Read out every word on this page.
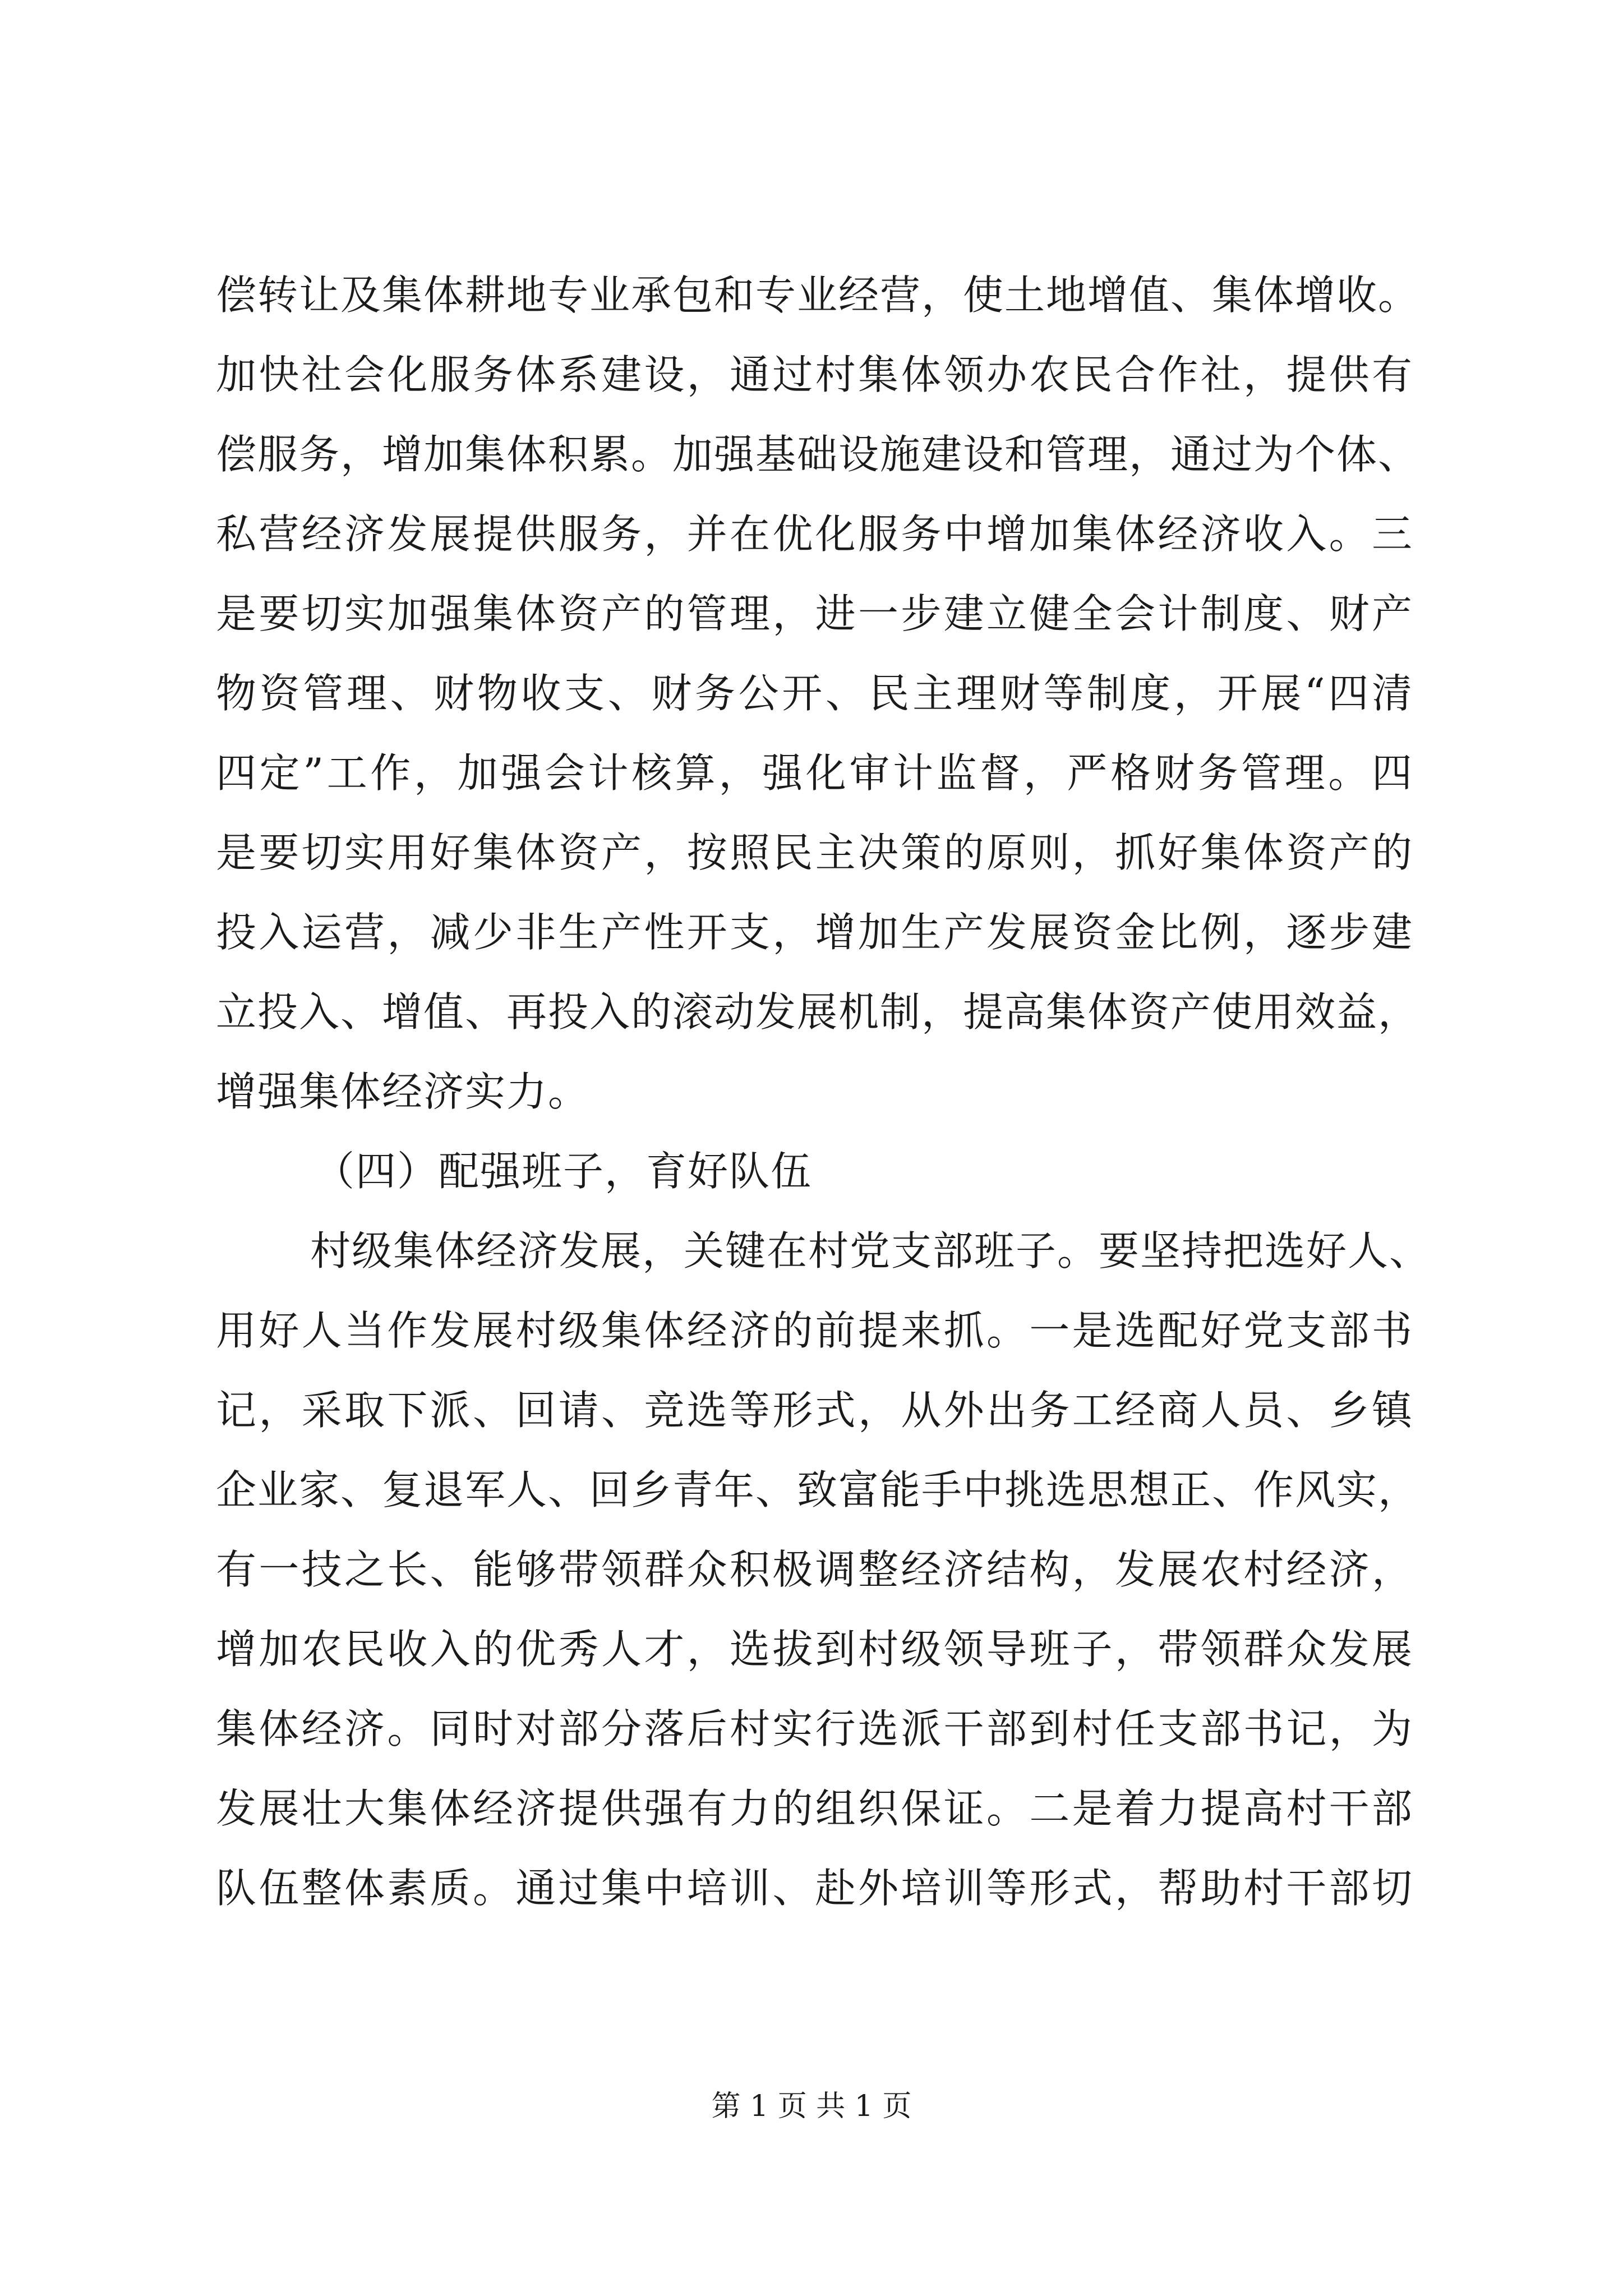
偿转让及集体耕地专业承包和专业经营，使土地增值、集体增收。
加快社会化服务体系建设，通过村集体领办农民合作社，提供有
偿服务，增加集体积累。加强基础设施建设和管理，通过为个体、
私营经济发展提供服务，并在优化服务中增加集体经济收入。三
是要切实加强集体资产的管理，进一步建立健全会计制度、财产
物资管理、财物收支、财务公开、民主理财等制度，开展“四清
四定”工作，加强会计核算，强化审计监督，严格财务管理。四
是要切实用好集体资产，按照民主决策的原则，抓好集体资产的
投入运营，减少非生产性开支，增加生产发展资金比例，逐步建
立投入、增值、再投入的滚动发展机制，提高集体资产使用效益，
增强集体经济实力。
（四）配强班子，育好队伍
村级集体经济发展，关键在村党支部班子。要坚持把选好人、
用好人当作发展村级集体经济的前提来抓。一是选配好党支部书
记，采取下派、回请、竞选等形式，从外出务工经商人员、乡镇
企业家、复退军人、回乡青年、致富能手中挑选思想正、作风实，
有一技之长、能够带领群众积极调整经济结构，发展农村经济，
增加农民收入的优秀人才，选拔到村级领导班子，带领群众发展
集体经济。同时对部分落后村实行选派干部到村任支部书记，为
发展壮大集体经济提供强有力的组织保证。二是着力提高村干部
队伍整体素质。通过集中培训、赴外培训等形式，帮助村干部切
第 1 页 共 1 页
